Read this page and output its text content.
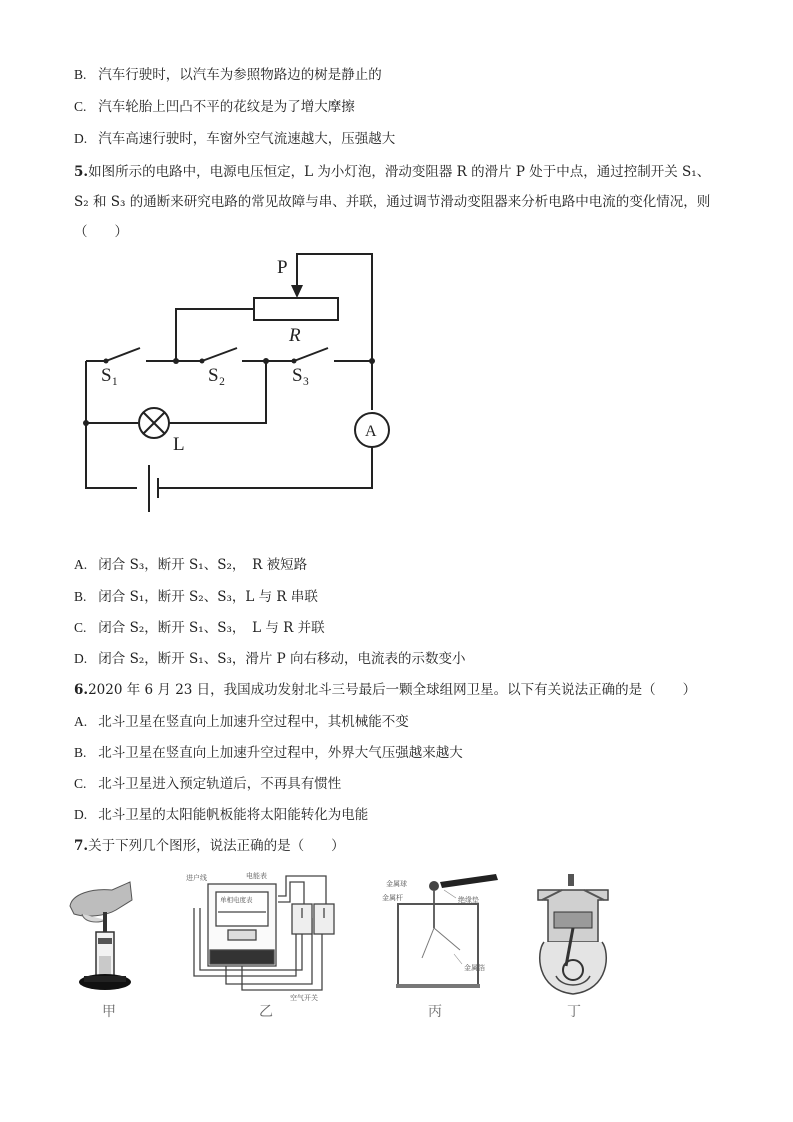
B. 汽车行驶时，以汽车为参照物路边的树是静止的
C. 汽车轮胎上凹凸不平的花纹是为了增大摩擦
D. 汽车高速行驶时，车窗外空气流速越大，压强越大
5.如图所示的电路中，电源电压恒定，L 为小灯泡，滑动变阻器 R 的滑片 P 处于中点，通过控制开关 S₁、
S₂ 和 S₃ 的通断来研究电路的常见故障与串、并联，通过调节滑动变阻器来分析电路中电流的变化情况，则
（　　）
P
R
S₁	S₂	S₃
L
A
A. 闭合 S₃，断开 S₁、S₂，　R 被短路
B. 闭合 S₁，断开 S₂、S₃，L 与 R 串联
C. 闭合 S₂，断开 S₁、S₃，　L 与 R 并联
D. 闭合 S₂，断开 S₁、S₃，滑片 P 向右移动，电流表的示数变小
6.2020 年 6 月 23 日，我国成功发射北斗三号最后一颗全球组网卫星。以下有关说法正确的是（　　）
A. 北斗卫星在竖直向上加速升空过程中，其机械能不变
B. 北斗卫星在竖直向上加速升空过程中，外界大气压强越来越大
C. 北斗卫星进入预定轨道后，不再具有惯性
D. 北斗卫星的太阳能帆板能将太阳能转化为电能
7.关于下列几个图形，说法正确的是（　　）
进户线	电能表
单相电度表
空气开关
金属球
金属杆	绝缘垫
金属箔
甲	乙	丙	丁
